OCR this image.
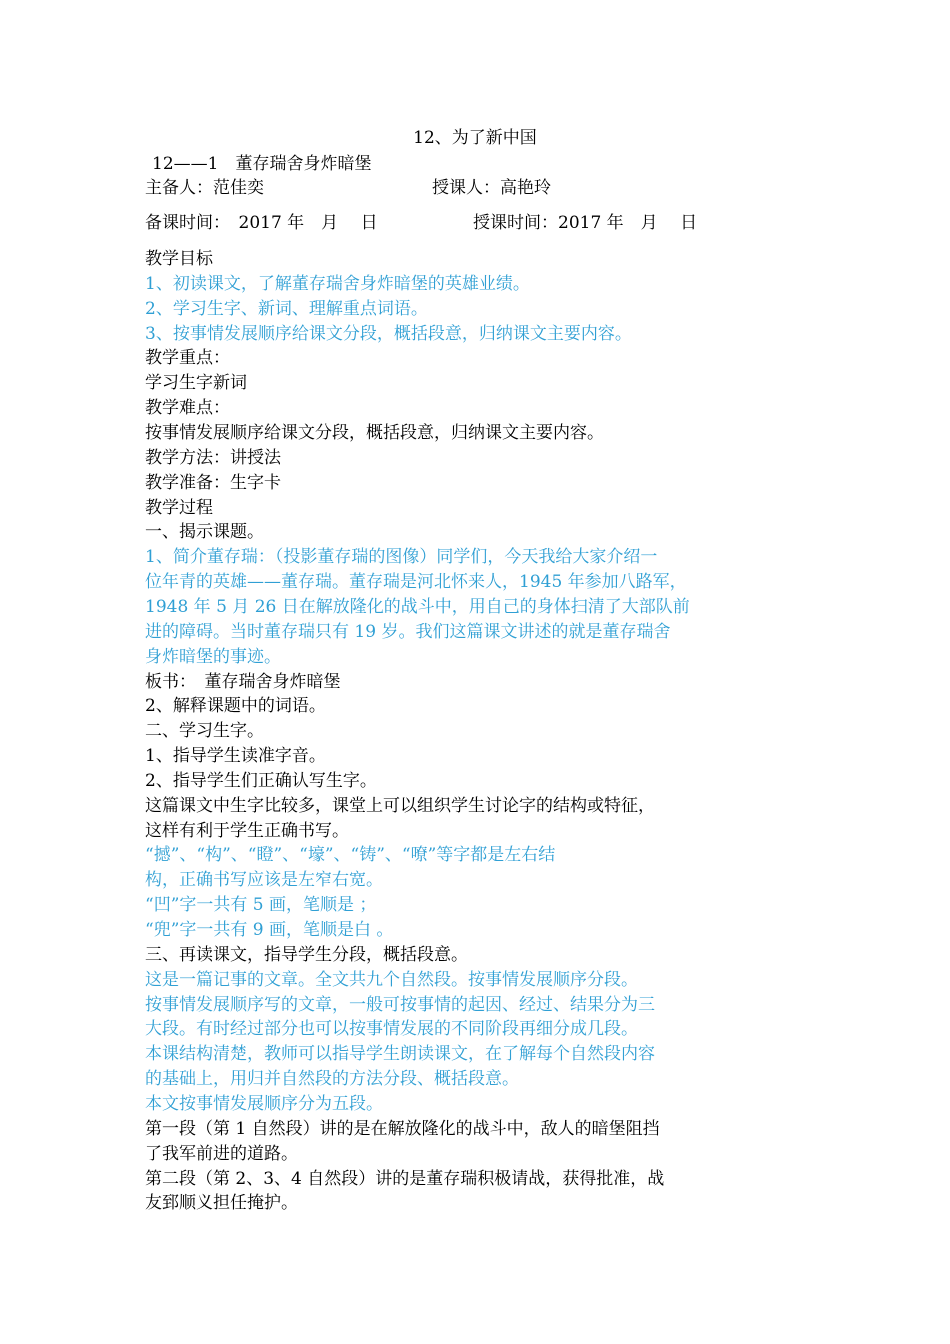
12、为了新中国
12——1　董存瑞舍身炸暗堡
主备人：范佳奕	授课人：高艳玲
备课时间：　2017 年　月　 日	授课时间：2017 年　月　 日
教学目标
1、初读课文，了解董存瑞舍身炸暗堡的英雄业绩。
2、学习生字、新词、理解重点词语。
3、按事情发展顺序给课文分段，概括段意，归纳课文主要内容。
教学重点：
学习生字新词
教学难点：
按事情发展顺序给课文分段，概括段意，归纳课文主要内容。
教学方法：讲授法
教学准备：生字卡
教学过程
一、揭示课题。
1、简介董存瑞：（投影董存瑞的图像）同学们，今天我给大家介绍一
位年青的英雄——董存瑞。董存瑞是河北怀来人，1945 年参加八路军，
1948 年 5 月 26 日在解放隆化的战斗中，用自己的身体扫清了大部队前
进的障碍。当时董存瑞只有 19 岁。我们这篇课文讲述的就是董存瑞舍
身炸暗堡的事迹。
板书：　董存瑞舍身炸暗堡
2、解释课题中的词语。
二、学习生字。
1、指导学生读准字音。
2、指导学生们正确认写生字。
这篇课文中生字比较多，课堂上可以组织学生讨论字的结构或特征，
这样有利于学生正确书写。
“撼”、“构”、“瞪”、“壕”、“铸”、“嘹”等字都是左右结
构，正确书写应该是左窄右宽。
“凹”字一共有 5 画，笔顺是 ；
“兜”字一共有 9 画，笔顺是白 。
三、再读课文，指导学生分段，概括段意。
这是一篇记事的文章。全文共九个自然段。按事情发展顺序分段。
按事情发展顺序写的文章，一般可按事情的起因、经过、结果分为三
大段。有时经过部分也可以按事情发展的不同阶段再细分成几段。
本课结构清楚，教师可以指导学生朗读课文，在了解每个自然段内容
的基础上，用归并自然段的方法分段、概括段意。
本文按事情发展顺序分为五段。
第一段（第 1 自然段）讲的是在解放隆化的战斗中，敌人的暗堡阻挡
了我军前进的道路。
第二段（第 2、3、4 自然段）讲的是董存瑞积极请战，获得批准，战
友郅顺义担任掩护。
